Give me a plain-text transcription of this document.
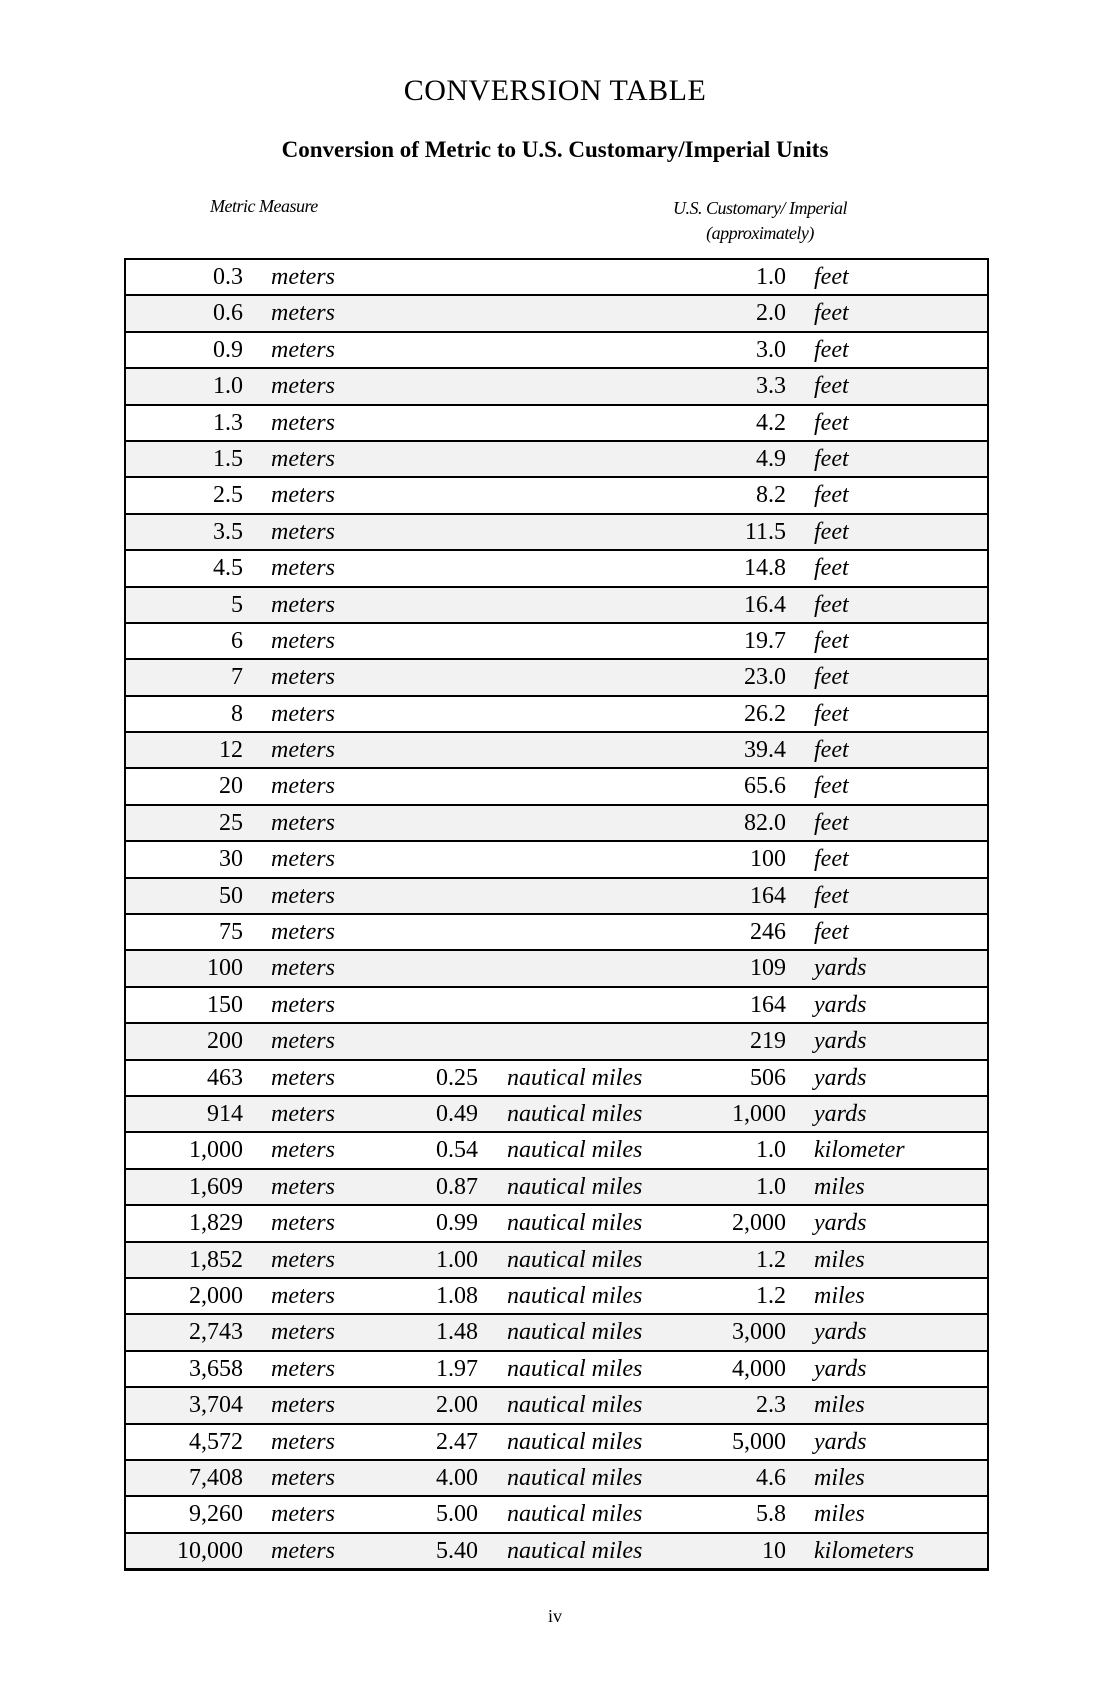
CONVERSION TABLE
Conversion of Metric to U.S. Customary/Imperial Units
Metric Measure	U.S. Customary/ Imperial
(approximately)
0.3 meters	1.0 feet
0.6 meters	2.0 feet
0.9 meters	3.0 feet
1.0 meters	3.3 feet
1.3 meters	4.2 feet
1.5 meters	4.9 feet
2.5 meters	8.2 feet
3.5 meters	11.5 feet
4.5 meters	14.8 feet
5 meters	16.4 feet
6 meters	19.7 feet
7 meters	23.0 feet
8 meters	26.2 feet
12 meters	39.4 feet
20 meters	65.6 feet
25 meters	82.0 feet
30 meters	100 feet
50 meters	164 feet
75 meters	246 feet
100 meters	109 yards
150 meters	164 yards
200 meters	219 yards
463 meters	0.25 nautical miles	506 yards
914 meters	0.49 nautical miles	1,000 yards
1,000 meters	0.54 nautical miles	1.0 kilometer
1,609 meters	0.87 nautical miles	1.0 miles
1,829 meters	0.99 nautical miles	2,000 yards
1,852 meters	1.00 nautical miles	1.2 miles
2,000 meters	1.08 nautical miles	1.2 miles
2,743 meters	1.48 nautical miles	3,000 yards
3,658 meters	1.97 nautical miles	4,000 yards
3,704 meters	2.00 nautical miles	2.3 miles
4,572 meters	2.47 nautical miles	5,000 yards
7,408 meters	4.00 nautical miles	4.6 miles
9,260 meters	5.00 nautical miles	5.8 miles
10,000 meters	5.40 nautical miles	10 kilometers
iv
